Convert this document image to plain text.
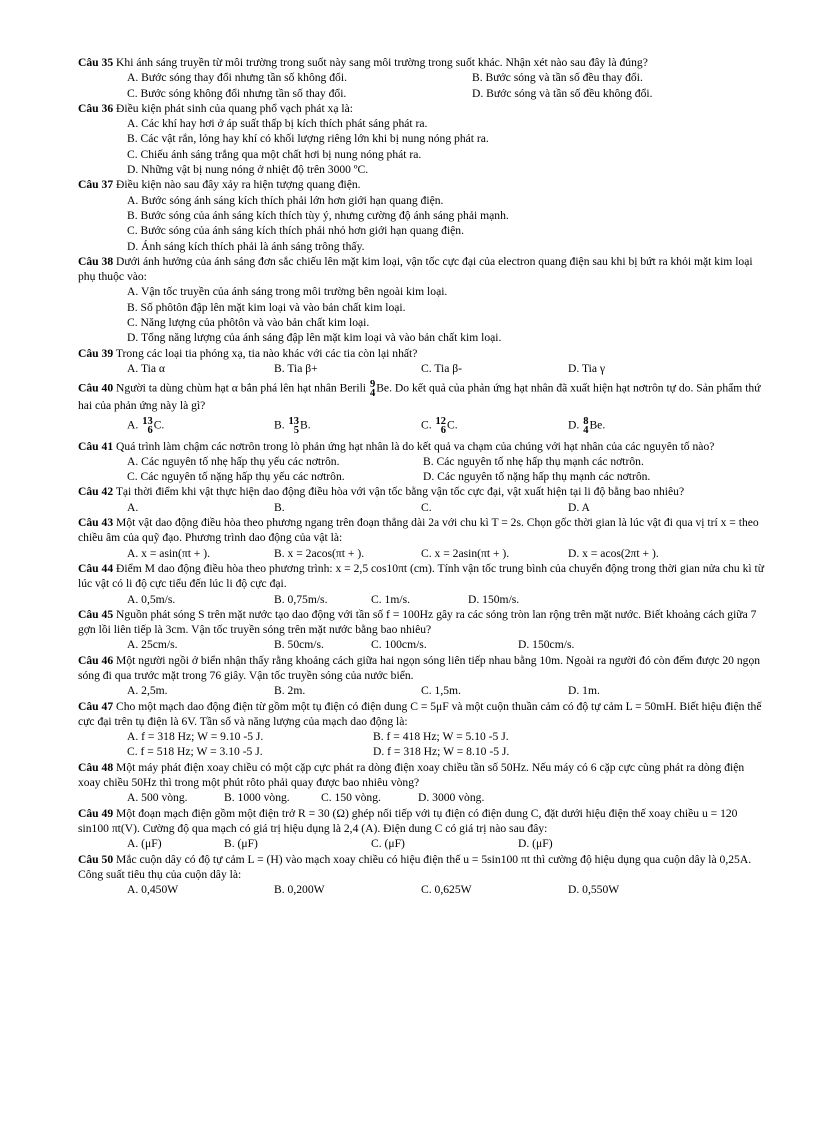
Câu 35 Khi ánh sáng truyền từ môi trường trong suốt này sang môi trường trong suốt khác. Nhận xét nào sau đây là đúng?

A. Bước sóng thay đổi nhưng tần số không đổi.	B. Bước sóng và tần số đều thay đổi.
C. Bước sóng không đổi nhưng tần số thay đổi.	D. Bước sóng và tần số đều không đổi.

Câu 36 Điều kiện phát sinh của quang phổ vạch phát xạ là:

A. Các khí hay hơi ở áp suất thấp bị kích thích phát sáng phát ra.
B. Các vật rắn, lỏng hay khí có khối lượng riêng lớn khi bị nung nóng phát ra.
C. Chiếu ánh sáng trắng qua một chất hơi bị nung nóng phát ra.
D. Những vật bị nung nóng ở nhiệt độ trên 3000 ºC.

Câu 37 Điều kiện nào sau đây xảy ra hiện tượng quang điện.

A. Bước sóng ánh sáng kích thích phải lớn hơn giới hạn quang điện.
B. Bước sóng của ánh sáng kích thích tùy ý, nhưng cường độ ánh sáng phải mạnh.
C. Bước sóng của ánh sáng kích thích phải nhỏ hơn giới hạn quang điện.
D. Ánh sáng kích thích phải là ánh sáng trông thấy.

Câu 38 Dưới ánh hưởng của ánh sáng đơn sắc chiếu lên mặt kim loại, vận tốc cực đại của electron quang điện sau khi bị bứt ra khỏi mặt kim loại phụ thuộc vào:

A. Vận tốc truyền của ánh sáng trong môi trường bên ngoài kim loại.
B. Số phôtôn đập lên mặt kim loại và vào bản chất kim loại.
C. Năng lượng của phôtôn và vào bản chất kim loại.
D. Tổng năng lượng của ánh sáng đập lên mặt kim loại và vào bản chất kim loại.

Câu 39 Trong các loại tia phóng xạ, tia nào khác với các tia còn lại nhất?

A. Tia α	B. Tia β+	C. Tia β-	D. Tia γ

Câu 40 Người ta dùng chùm hạt α bắn phá lên hạt nhân Berili 9
4 Be. Do kết quả của phản ứng hạt nhân đã xuất hiện hạt nơtrôn tự do. Sản phẩm thứ hai của phản ứng này là gì?

A. 13
6 C.	B. 13
5 B.	C. 12
6 C.	D. 8
4 Be.

Câu 41 Quá trình làm chậm các nơtrôn trong lò phản ứng hạt nhân là do kết quả va chạm của chúng với hạt nhân của các nguyên tố nào?

A. Các nguyên tố nhẹ hấp thụ yếu các nơtrôn.	B. Các nguyên tố nhẹ hấp thụ mạnh các nơtrôn.
C. Các nguyên tố nặng hấp thụ yếu các nơtrôn.	D. Các nguyên tố nặng hấp thụ mạnh các nơtrôn.

Câu 42 Tại thời điểm khi vật thực hiện dao động điều hòa với vận tốc bằng vận tốc cực đại, vật xuất hiện tại li độ bằng bao nhiêu?

A.	B.	C.	D. A

Câu 43 Một vật dao động điều hòa theo phương ngang trên đoạn thẳng dài 2a với chu kì T = 2s. Chọn gốc thời gian là lúc vật đi qua vị trí x = theo chiều âm của quỹ đạo. Phương trình dao động của vật là:

A. x = asin(πt + ).	B. x = 2acos(πt + ).	C. x = 2asin(πt + ).	D. x = acos(2πt + ).

Câu 44 Điểm M dao động điều hòa theo phương trình: x = 2,5 cos10πt (cm). Tính vận tốc trung bình của chuyển động trong thời gian nửa chu kì từ lúc vật có li độ cực tiểu đến lúc li độ cực đại.

A. 0,5m/s.	B. 0,75m/s.	C. 1m/s.	D. 150m/s.

Câu 45 Nguồn phát sóng S trên mặt nước tạo dao động với tần số f = 100Hz gây ra các sóng tròn lan rộng trên mặt nước. Biết khoảng cách giữa 7 gợn lồi liên tiếp là 3cm. Vận tốc truyền sóng trên mặt nước bằng bao nhiêu?

A. 25cm/s.	B. 50cm/s.	C. 100cm/s.	D. 150cm/s.

Câu 46 Một người ngồi ở biển nhận thấy rằng khoảng cách giữa hai ngọn sóng liên tiếp nhau bằng 10m. Ngoài ra người đó còn đếm được 20 ngọn sóng đi qua trước mặt trong 76 giây. Vận tốc truyền sóng của nước biển.

A. 2,5m.	B. 2m.	C. 1,5m.	D. 1m.

Câu 47 Cho một mạch dao động điện từ gồm một tụ điện có điện dung C = 5μF và một cuộn thuần cảm có độ tự cảm L = 50mH. Biết hiệu điện thế cực đại trên tụ điện là 6V. Tần số và năng lượng của mạch dao động là:

A. f = 318 Hz; W = 9.10 -5 J.	B. f = 418 Hz; W = 5.10 -5 J.
C. f = 518 Hz; W = 3.10 -5 J.	D. f = 318 Hz; W = 8.10 -5 J.

Câu 48 Một máy phát điện xoay chiều có một cặp cực phát ra dòng điện xoay chiều tần số 50Hz. Nếu máy có 6 cặp cực cùng phát ra dòng điện xoay chiều 50Hz thì trong một phút rôto phải quay được bao nhiêu vòng?

A. 500 vòng.	B. 1000 vòng.	C. 150 vòng.	D. 3000 vòng.

Câu 49 Một đoạn mạch điện gồm một điện trở R = 30 (Ω) ghép nối tiếp với tụ điện có điện dung C, đặt dưới hiệu điện thế xoay chiều u = 120 sin100 πt(V). Cường độ qua mạch có giá trị hiệu dụng là 2,4 (A). Điện dung C có giá trị nào sau đây:

A. (μF)	B. (μF)	C. (μF)	D. (μF)

Câu 50 Mắc cuộn dây có độ tự cảm L = (H) vào mạch xoay chiều có hiệu điện thế u = 5sin100 πt thì cường độ hiệu dụng qua cuộn dây là 0,25A. Công suất tiêu thụ của cuộn dây là:

A. 0,450W	B. 0,200W	C. 0,625W	D. 0,550W
